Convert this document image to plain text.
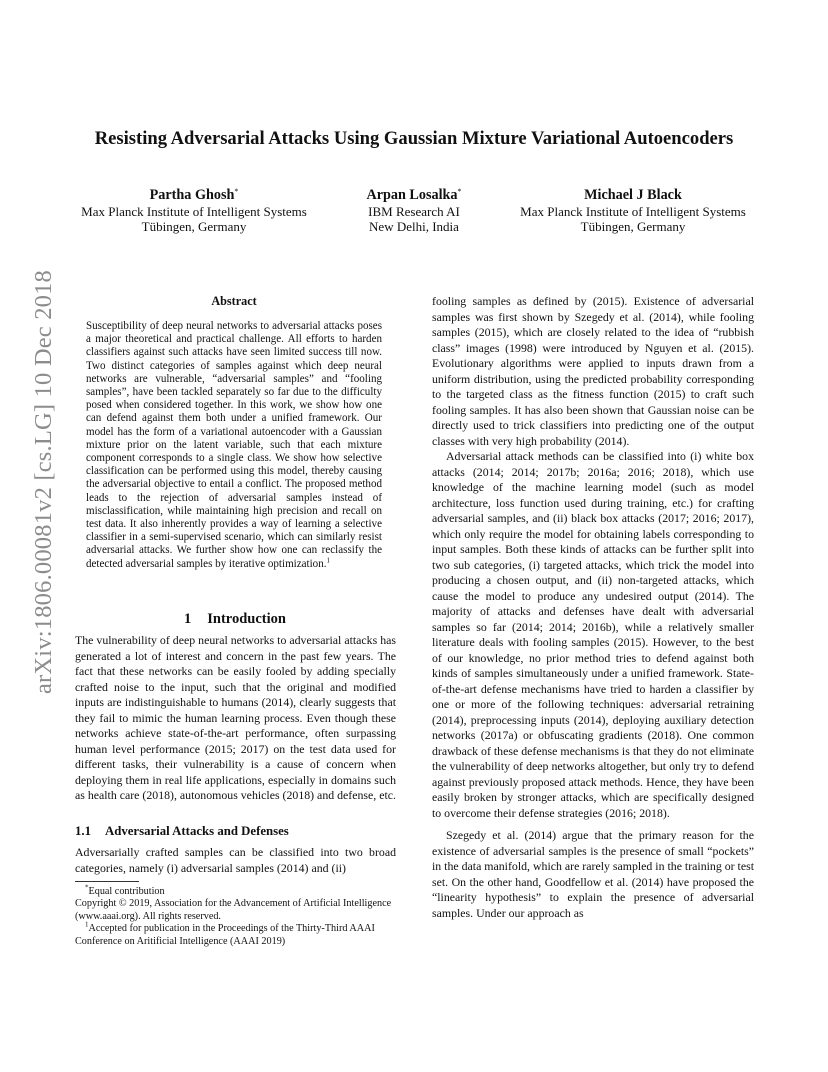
arXiv:1806.00081v2 [cs.LG] 10 Dec 2018
Resisting Adversarial Attacks Using Gaussian Mixture Variational Autoencoders
Partha Ghosh*
Max Planck Institute of Intelligent Systems
Tübingen, Germany
Arpan Losalka*
IBM Research AI
New Delhi, India
Michael J Black
Max Planck Institute of Intelligent Systems
Tübingen, Germany
Abstract

Susceptibility of deep neural networks to adversarial attacks poses a major theoretical and practical challenge. All efforts to harden classifiers against such attacks have seen limited success till now. Two distinct categories of samples against which deep neural networks are vulnerable, “adversarial samples” and “fooling samples”, have been tackled separately so far due to the difficulty posed when considered together. In this work, we show how one can defend against them both under a unified framework. Our model has the form of a variational autoencoder with a Gaussian mixture prior on the latent variable, such that each mixture component corresponds to a single class. We show how selective classification can be performed using this model, thereby causing the adversarial objective to entail a conflict. The proposed method leads to the rejection of adversarial samples instead of misclassification, while maintaining high precision and recall on test data. It also inherently provides a way of learning a selective classifier in a semi-supervised scenario, which can similarly resist adversarial attacks. We further show how one can reclassify the detected adversarial samples by iterative optimization.$^1$

1 Introduction

The vulnerability of deep neural networks to adversarial attacks has generated a lot of interest and concern in the past few years. The fact that these networks can be easily fooled by adding specially crafted noise to the input, such that the original and modified inputs are indistinguishable to humans (2014), clearly suggests that they fail to mimic the human learning process. Even though these networks achieve state-of-the-art performance, often surpassing human level performance (2015; 2017) on the test data used for different tasks, their vulnerability is a cause of concern when deploying them in real life applications, especially in domains such as health care (2018), autonomous vehicles (2018) and defense, etc.

1.1 Adversarial Attacks and Defenses

Adversarially crafted samples can be classified into two broad categories, namely (i) adversarial samples (2014) and (ii)

*Equal contribution

Copyright © 2019, Association for the Advancement of Artificial Intelligence (www.aaai.org). All rights reserved.

$^1$Accepted for publication in the Proceedings of the Thirty-Third AAAI Conference on Aritificial Intelligence (AAAI 2019)

fooling samples as defined by (2015). Existence of adversarial samples was first shown by Szegedy et al. (2014), while fooling samples (2015), which are closely related to the idea of “rubbish class” images (1998) were introduced by Nguyen et al. (2015). Evolutionary algorithms were applied to inputs drawn from a uniform distribution, using the predicted probability corresponding to the targeted class as the fitness function (2015) to craft such fooling samples. It has also been shown that Gaussian noise can be directly used to trick classifiers into predicting one of the output classes with very high probability (2014).

Adversarial attack methods can be classified into (i) white box attacks (2014; 2014; 2017b; 2016a; 2016; 2018), which use knowledge of the machine learning model (such as model architecture, loss function used during training, etc.) for crafting adversarial samples, and (ii) black box attacks (2017; 2016; 2017), which only require the model for obtaining labels corresponding to input samples. Both these kinds of attacks can be further split into two sub categories, (i) targeted attacks, which trick the model into producing a chosen output, and (ii) non-targeted attacks, which cause the model to produce any undesired output (2014). The majority of attacks and defenses have dealt with adversarial samples so far (2014; 2014; 2016b), while a relatively smaller literature deals with fooling samples (2015). However, to the best of our knowledge, no prior method tries to defend against both kinds of samples simultaneously under a unified framework. State-of-the-art defense mechanisms have tried to harden a classifier by one or more of the following techniques: adversarial retraining (2014), preprocessing inputs (2014), deploying auxiliary detection networks (2017a) or obfuscating gradients (2018). One common drawback of these defense mechanisms is that they do not eliminate the vulnerability of deep networks altogether, but only try to defend against previously proposed attack methods. Hence, they have been easily broken by stronger attacks, which are specifically designed to overcome their defense strategies (2016; 2018).

Szegedy et al. (2014) argue that the primary reason for the existence of adversarial samples is the presence of small “pockets” in the data manifold, which are rarely sampled in the training or test set. On the other hand, Goodfellow et al. (2014) have proposed the “linearity hypothesis” to explain the presence of adversarial samples. Under our approach as
